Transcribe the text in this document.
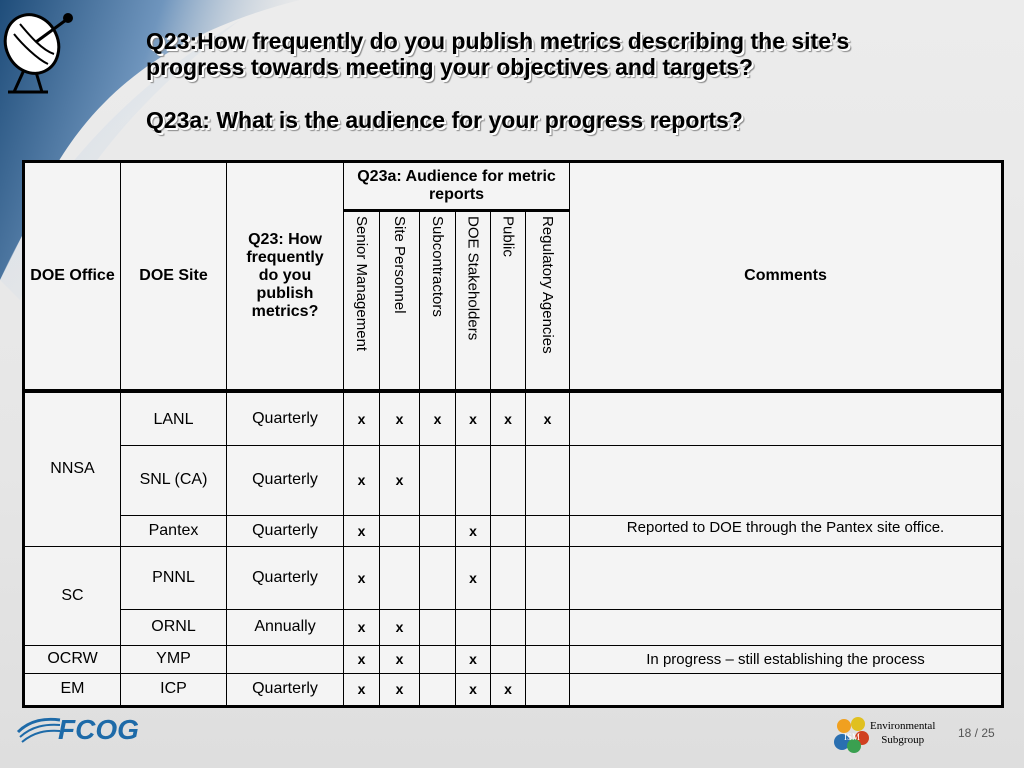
Q23:How frequently do you publish metrics describing the site’s
progress towards meeting your objectives and targets?
Q23a: What is the audience for your progress reports?
DOE Office	DOE Site	Q23: How frequently do you publish metrics?	Q23a: Audience for metric reports						Comments
			Senior Management	Site Personnel	Subcontractors	DOE Stakeholders	Public	Regulatory Agencies	
NNSA	LANL	Quarterly	x	x	x	x	x	x	
	SNL (CA)	Quarterly	x	x					
	Pantex	Quarterly	x			x			Reported to DOE through the Pantex site office.
SC	PNNL	Quarterly	x			x			
	ORNL	Annually	x	x					
OCRW	YMP		x	x		x			In progress – still establishing the process
EM	ICP	Quarterly	x	x		x	x		
FCOG	ISM
Environmental
Subgroup	18 / 25
